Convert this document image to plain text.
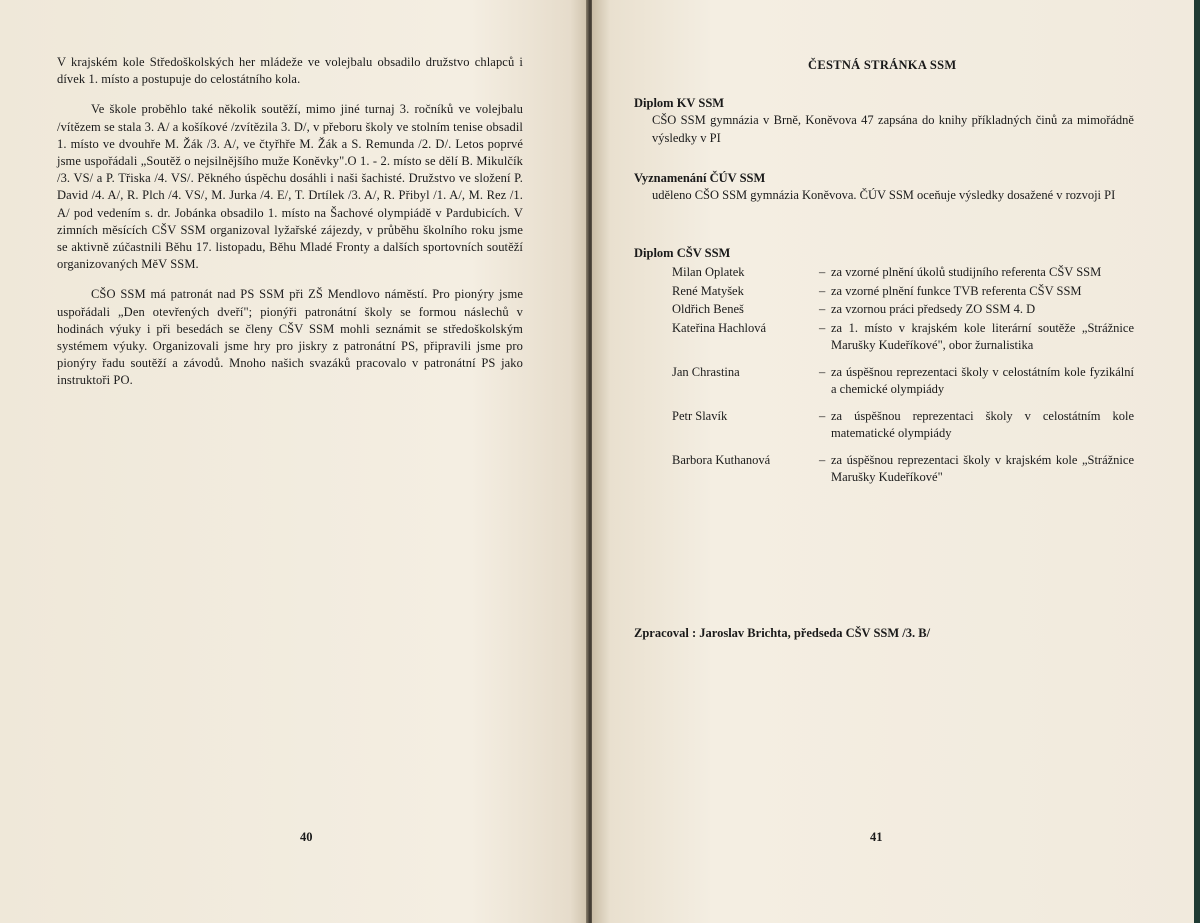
V krajském kole Středoškolských her mládeže ve volejbalu obsadilo družstvo chlapců i dívek 1. místo a postupuje do celostátního kola.

Ve škole proběhlo také několik soutěží, mimo jiné turnaj 3. ročníků ve volejbalu /vítězem se stala 3. A/ a košíkové /zvítězila 3. D/, v přeboru školy ve stolním tenise obsadil 1. místo ve dvouhře M. Žák /3. A/, ve čtyřhře M. Žák a S. Remunda /2. D/. Letos poprvé jsme uspořádali „Soutěž o nejsilnějšího muže Koněvky".O 1. - 2. místo se dělí B. Mikulčík /3. VS/ a P. Třiska /4. VS/. Pěkného úspěchu dosáhli i naši šachisté. Družstvo ve složení P. David /4. A/, R. Plch /4. VS/, M. Jurka /4. E/, T. Drtílek /3. A/, R. Přibyl /1. A/, M. Rez /1. A/ pod vedením s. dr. Jobánka obsadilo 1. místo na Šachové olympiádě v Pardubicích. V zimních měsících CŠV SSM organizoval lyžařské zájezdy, v průběhu školního roku jsme se aktivně zúčastnili Běhu 17. listopadu, Běhu Mladé Fronty a dalších sportovních soutěží organizovaných MěV SSM.

CŠO SSM má patronát nad PS SSM při ZŠ Mendlovo náměstí. Pro pionýry jsme uspořádali „Den otevřených dveří"; pionýři patronátní školy se formou náslechů v hodinách výuky i při besedách se členy CŠV SSM mohli seznámit se středoškolským systémem výuky. Organizovali jsme hry pro jiskry z patronátní PS, připravili jsme pro pionýry řadu soutěží a závodů. Mnoho našich svazáků pracovalo v patronátní PS jako instruktoři PO.

40
ČESTNÁ STRÁNKA SSM
Diplom KV SSM
CŠO SSM gymnázia v Brně, Koněvova 47 zapsána do knihy příkladných činů za mimořádně výsledky v PI
Vyznamenání ČÚV SSM
uděleno CŠO SSM gymnázia Koněvova. ČÚV SSM oceňuje výsledky dosažené v rozvoji PI
Diplom CŠV SSM
Milan Oplatek	– za vzorné plnění úkolů studijního referenta CŠV SSM
René Matyšek	– za vzorné plnění funkce TVB referenta CŠV SSM
Oldřich Beneš	– za vzornou práci předsedy ZO SSM 4. D
Kateřina Hachlová	– za 1. místo v krajském kole literární soutěže „Strážnice Marušky Kudeříkové", obor žurnalistika
Jan Chrastina	– za úspěšnou reprezentaci školy v celostátním kole fyzikální a chemické olympiády
Petr Slavík	– za úspěšnou reprezentaci školy v celostátním kole matematické olympiády
Barbora Kuthanová	– za úspěšnou reprezentaci školy v krajském kole „Strážnice Marušky Kudeříkové"
Zpracoval : Jaroslav Brichta, předseda CŠV SSM /3. B/
41
